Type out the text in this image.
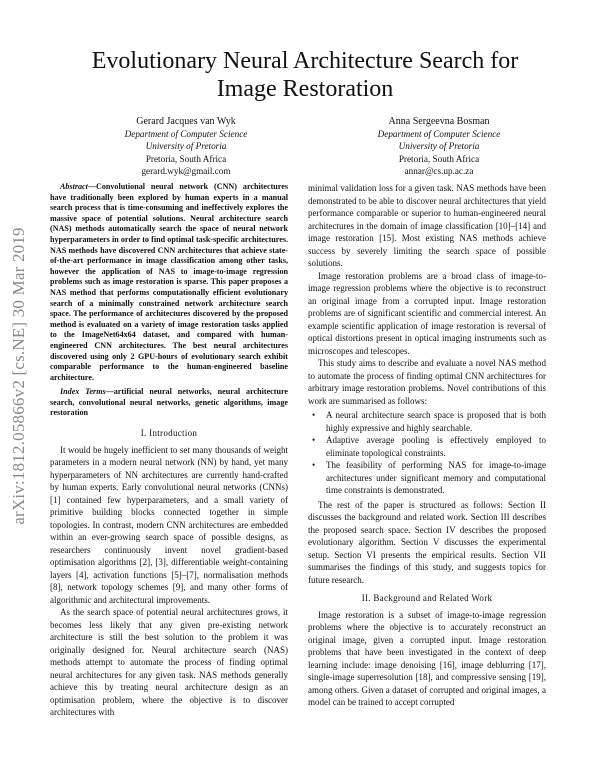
arXiv:1812.05866v2 [cs.NE] 30 Mar 2019
Evolutionary Neural Architecture Search for
Image Restoration
Gerard Jacques van Wyk
Department of Computer Science
University of Pretoria
Pretoria, South Africa
gerard.wyk@gmail.com
Anna Sergeevna Bosman
Department of Computer Science
University of Pretoria
Pretoria, South Africa
annar@cs.up.ac.za

Abstract—Convolutional neural network (CNN) architectures have traditionally been explored by human experts in a manual search process that is time-consuming and ineffectively explores the massive space of potential solutions. Neural architecture search (NAS) methods automatically search the space of neural network hyperparameters in order to find optimal task-specific architectures. NAS methods have discovered CNN architectures that achieve state-of-the-art performance in image classification among other tasks, however the application of NAS to image-to-image regression problems such as image restoration is sparse. This paper proposes a NAS method that performs computationally efficient evolutionary search of a minimally constrained network architecture search space. The performance of architectures discovered by the proposed method is evaluated on a variety of image restoration tasks applied to the ImageNet64x64 dataset, and compared with human-engineered CNN architectures. The best neural architectures discovered using only 2 GPU-hours of evolutionary search exhibit comparable performance to the human-engineered baseline architecture.

Index Terms—artificial neural networks, neural architecture search, convolutional neural networks, genetic algorithms, image restoration

I. Introduction

It would be hugely inefficient to set many thousands of weight parameters in a modern neural network (NN) by hand, yet many hyperparameters of NN architectures are currently hand-crafted by human experts. Early convolutional neural networks (CNNs) [1] contained few hyperparameters, and a small variety of primitive building blocks connected together in simple topologies. In contrast, modern CNN architectures are embedded within an ever-growing search space of possible designs, as researchers continuously invent novel gradient-based optimisation algorithms [2], [3], differentiable weight-containing layers [4], activation functions [5]–[7], normalisation methods [8], network topology schemes [9], and many other forms of algorithmic and architectural improvements.

As the search space of potential neural architectures grows, it becomes less likely that any given pre-existing network architecture is still the best solution to the problem it was originally designed for. Neural architecture search (NAS) methods attempt to automate the process of finding optimal neural architectures for any given task. NAS methods generally achieve this by treating neural architecture design as an optimisation problem, where the objective is to discover architectures with

minimal validation loss for a given task. NAS methods have been demonstrated to be able to discover neural architectures that yield performance comparable or superior to human-engineered neural architectures in the domain of image classification [10]–[14] and image restoration [15]. Most existing NAS methods achieve success by severely limiting the search space of possible solutions.

Image restoration problems are a broad class of image-to-image regression problems where the objective is to reconstruct an original image from a corrupted input. Image restoration problems are of significant scientific and commercial interest. An example scientific application of image restoration is reversal of optical distortions present in optical imaging instruments such as microscopes and telescopes.

This study aims to describe and evaluate a novel NAS method to automate the process of finding optimal CNN architectures for arbitrary image restoration problems. Novel contributions of this work are summarised as follows:

• A neural architecture search space is proposed that is both highly expressive and highly searchable.
• Adaptive average pooling is effectively employed to eliminate topological constraints.
• The feasibility of performing NAS for image-to-image architectures under significant memory and computational time constraints is demonstrated.

The rest of the paper is structured as follows: Section II discusses the background and related work. Section III describes the proposed search space. Section IV describes the proposed evolutionary algorithm. Section V discusses the experimental setup. Section VI presents the empirical results. Section VII summarises the findings of this study, and suggests topics for future research.

II. Background and Related Work

Image restoration is a subset of image-to-image regression problems where the objective is to accurately reconstruct an original image, given a corrupted input. Image restoration problems that have been investigated in the context of deep learning include: image denoising [16], image deblurring [17], single-image superresolution [18], and compressive sensing [19], among others. Given a dataset of corrupted and original images, a model can be trained to accept corrupted
